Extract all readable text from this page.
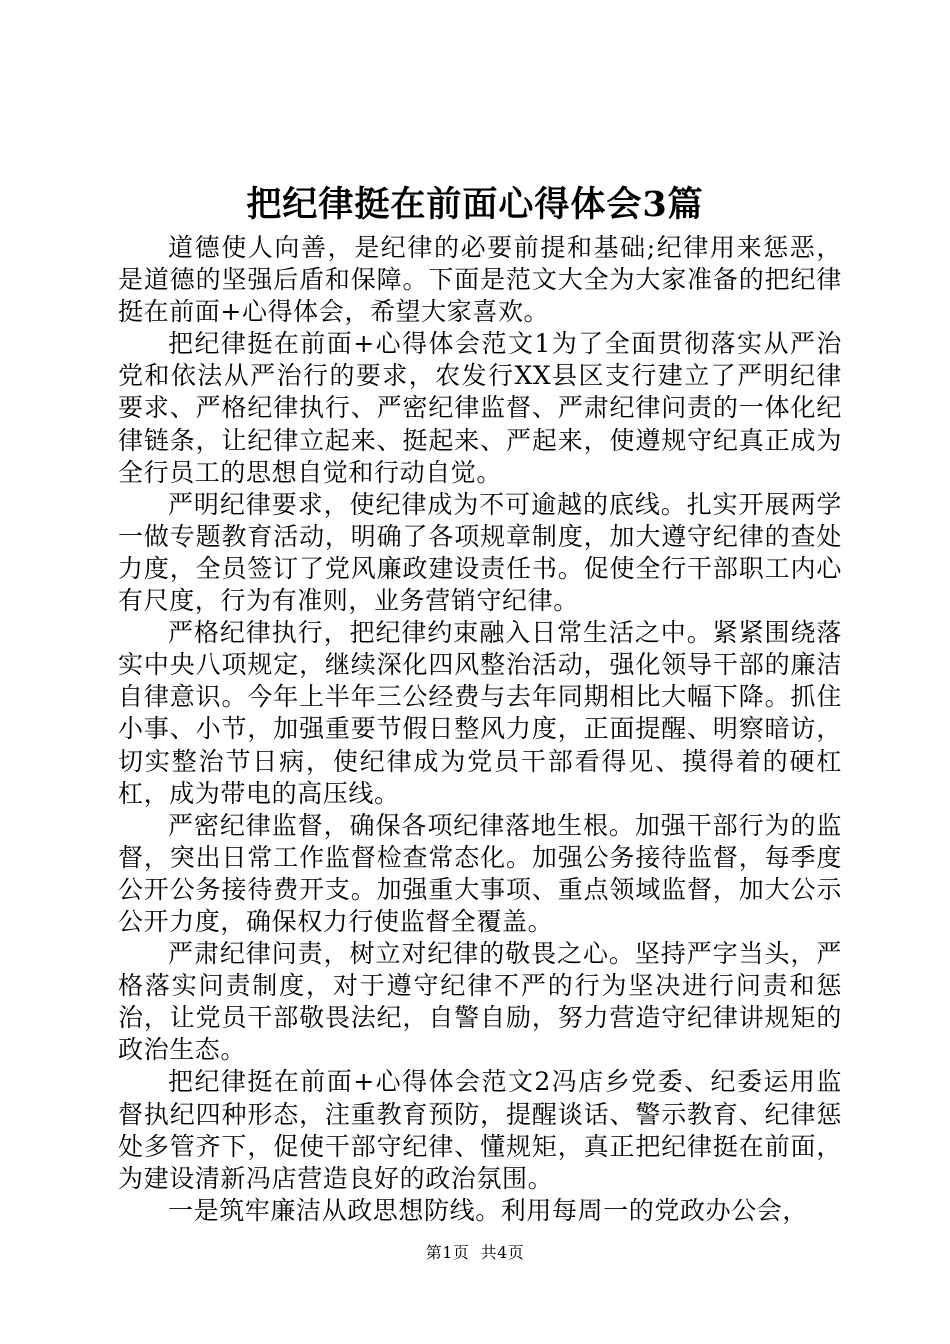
把纪律挺在前面心得体会3篇

道德使人向善，是纪律的必要前提和基础;纪律用来惩恶，是道德的坚强后盾和保障。下面是范文大全为大家准备的把纪律挺在前面+心得体会，希望大家喜欢。

把纪律挺在前面+心得体会范文1为了全面贯彻落实从严治党和依法从严治行的要求，农发行XX县区支行建立了严明纪律要求、严格纪律执行、严密纪律监督、严肃纪律问责的一体化纪律链条，让纪律立起来、挺起来、严起来，使遵规守纪真正成为全行员工的思想自觉和行动自觉。

严明纪律要求，使纪律成为不可逾越的底线。扎实开展两学一做专题教育活动，明确了各项规章制度，加大遵守纪律的查处力度，全员签订了党风廉政建设责任书。促使全行干部职工内心有尺度，行为有准则，业务营销守纪律。

严格纪律执行，把纪律约束融入日常生活之中。紧紧围绕落实中央八项规定，继续深化四风整治活动，强化领导干部的廉洁自律意识。今年上半年三公经费与去年同期相比大幅下降。抓住小事、小节，加强重要节假日整风力度，正面提醒、明察暗访，切实整治节日病，使纪律成为党员干部看得见、摸得着的硬杠杠，成为带电的高压线。

严密纪律监督，确保各项纪律落地生根。加强干部行为的监督，突出日常工作监督检查常态化。加强公务接待监督，每季度公开公务接待费开支。加强重大事项、重点领域监督，加大公示公开力度，确保权力行使监督全覆盖。

严肃纪律问责，树立对纪律的敬畏之心。坚持严字当头，严格落实问责制度，对于遵守纪律不严的行为坚决进行问责和惩治，让党员干部敬畏法纪，自警自励，努力营造守纪律讲规矩的政治生态。

把纪律挺在前面+心得体会范文2冯店乡党委、纪委运用监督执纪四种形态，注重教育预防，提醒谈话、警示教育、纪律惩处多管齐下，促使干部守纪律、懂规矩，真正把纪律挺在前面，为建设清新冯店营造良好的政治氛围。

一是筑牢廉洁从政思想防线。利用每周一的党政办公会，

第1页  共4页
